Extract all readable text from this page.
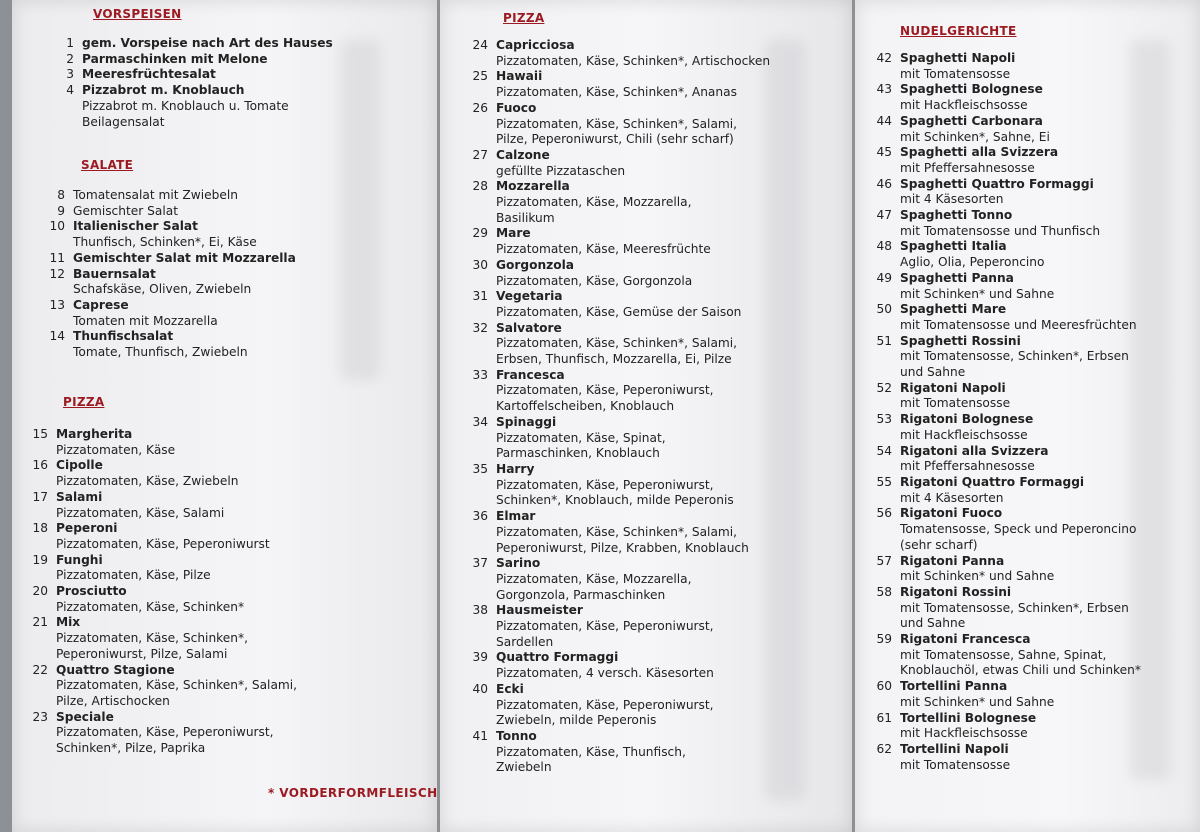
VORSPEISEN
1 gem. Vorspeise nach Art des Hauses
2 Parmaschinken mit Melone
3 Meeresfrüchtesalat
4 Pizzabrot m. Knoblauch
Pizzabrot m. Knoblauch u. Tomate
Beilagensalat
SALATE
8 Tomatensalat mit Zwiebeln
9 Gemischter Salat
10 Italienischer Salat
Thunfisch, Schinken*, Ei, Käse
11 Gemischter Salat mit Mozzarella
12 Bauernsalat
Schafskäse, Oliven, Zwiebeln
13 Caprese
Tomaten mit Mozzarella
14 Thunfischsalat
Tomate, Thunfisch, Zwiebeln
PIZZA
15 Margherita
Pizzatomaten, Käse
16 Cipolle
Pizzatomaten, Käse, Zwiebeln
17 Salami
Pizzatomaten, Käse, Salami
18 Peperoni
Pizzatomaten, Käse, Peperoniwurst
19 Funghi
Pizzatomaten, Käse, Pilze
20 Prosciutto
Pizzatomaten, Käse, Schinken*
21 Mix
Pizzatomaten, Käse, Schinken*,
Peperoniwurst, Pilze, Salami
22 Quattro Stagione
Pizzatomaten, Käse, Schinken*, Salami,
Pilze, Artischocken
23 Speciale
Pizzatomaten, Käse, Peperoniwurst,
Schinken*, Pilze, Paprika
* VORDERFORMFLEISCH
PIZZA
24 Capricciosa
Pizzatomaten, Käse, Schinken*, Artischocken
25 Hawaii
Pizzatomaten, Käse, Schinken*, Ananas
26 Fuoco
Pizzatomaten, Käse, Schinken*, Salami,
Pilze, Peperoniwurst, Chili (sehr scharf)
27 Calzone
gefüllte Pizzataschen
28 Mozzarella
Pizzatomaten, Käse, Mozzarella,
Basilikum
29 Mare
Pizzatomaten, Käse, Meeresfrüchte
30 Gorgonzola
Pizzatomaten, Käse, Gorgonzola
31 Vegetaria
Pizzatomaten, Käse, Gemüse der Saison
32 Salvatore
Pizzatomaten, Käse, Schinken*, Salami,
Erbsen, Thunfisch, Mozzarella, Ei, Pilze
33 Francesca
Pizzatomaten, Käse, Peperoniwurst,
Kartoffelscheiben, Knoblauch
34 Spinaggi
Pizzatomaten, Käse, Spinat,
Parmaschinken, Knoblauch
35 Harry
Pizzatomaten, Käse, Peperoniwurst,
Schinken*, Knoblauch, milde Peperonis
36 Elmar
Pizzatomaten, Käse, Schinken*, Salami,
Peperoniwurst, Pilze, Krabben, Knoblauch
37 Sarino
Pizzatomaten, Käse, Mozzarella,
Gorgonzola, Parmaschinken
38 Hausmeister
Pizzatomaten, Käse, Peperoniwurst,
Sardellen
39 Quattro Formaggi
Pizzatomaten, 4 versch. Käsesorten
40 Ecki
Pizzatomaten, Käse, Peperoniwurst,
Zwiebeln, milde Peperonis
41 Tonno
Pizzatomaten, Käse, Thunfisch,
Zwiebeln
NUDELGERICHTE
42 Spaghetti Napoli
mit Tomatensosse
43 Spaghetti Bolognese
mit Hackfleischsosse
44 Spaghetti Carbonara
mit Schinken*, Sahne, Ei
45 Spaghetti alla Svizzera
mit Pfeffersahnesosse
46 Spaghetti Quattro Formaggi
mit 4 Käsesorten
47 Spaghetti Tonno
mit Tomatensosse und Thunfisch
48 Spaghetti Italia
Aglio, Olia, Peperoncino
49 Spaghetti Panna
mit Schinken* und Sahne
50 Spaghetti Mare
mit Tomatensosse und Meeresfrüchten
51 Spaghetti Rossini
mit Tomatensosse, Schinken*, Erbsen
und Sahne
52 Rigatoni Napoli
mit Tomatensosse
53 Rigatoni Bolognese
mit Hackfleischsosse
54 Rigatoni alla Svizzera
mit Pfeffersahnesosse
55 Rigatoni Quattro Formaggi
mit 4 Käsesorten
56 Rigatoni Fuoco
Tomatensosse, Speck und Peperoncino
(sehr scharf)
57 Rigatoni Panna
mit Schinken* und Sahne
58 Rigatoni Rossini
mit Tomatensosse, Schinken*, Erbsen
und Sahne
59 Rigatoni Francesca
mit Tomatensosse, Sahne, Spinat,
Knoblauchöl, etwas Chili und Schinken*
60 Tortellini Panna
mit Schinken* und Sahne
61 Tortellini Bolognese
mit Hackfleischsosse
62 Tortellini Napoli
mit Tomatensosse
